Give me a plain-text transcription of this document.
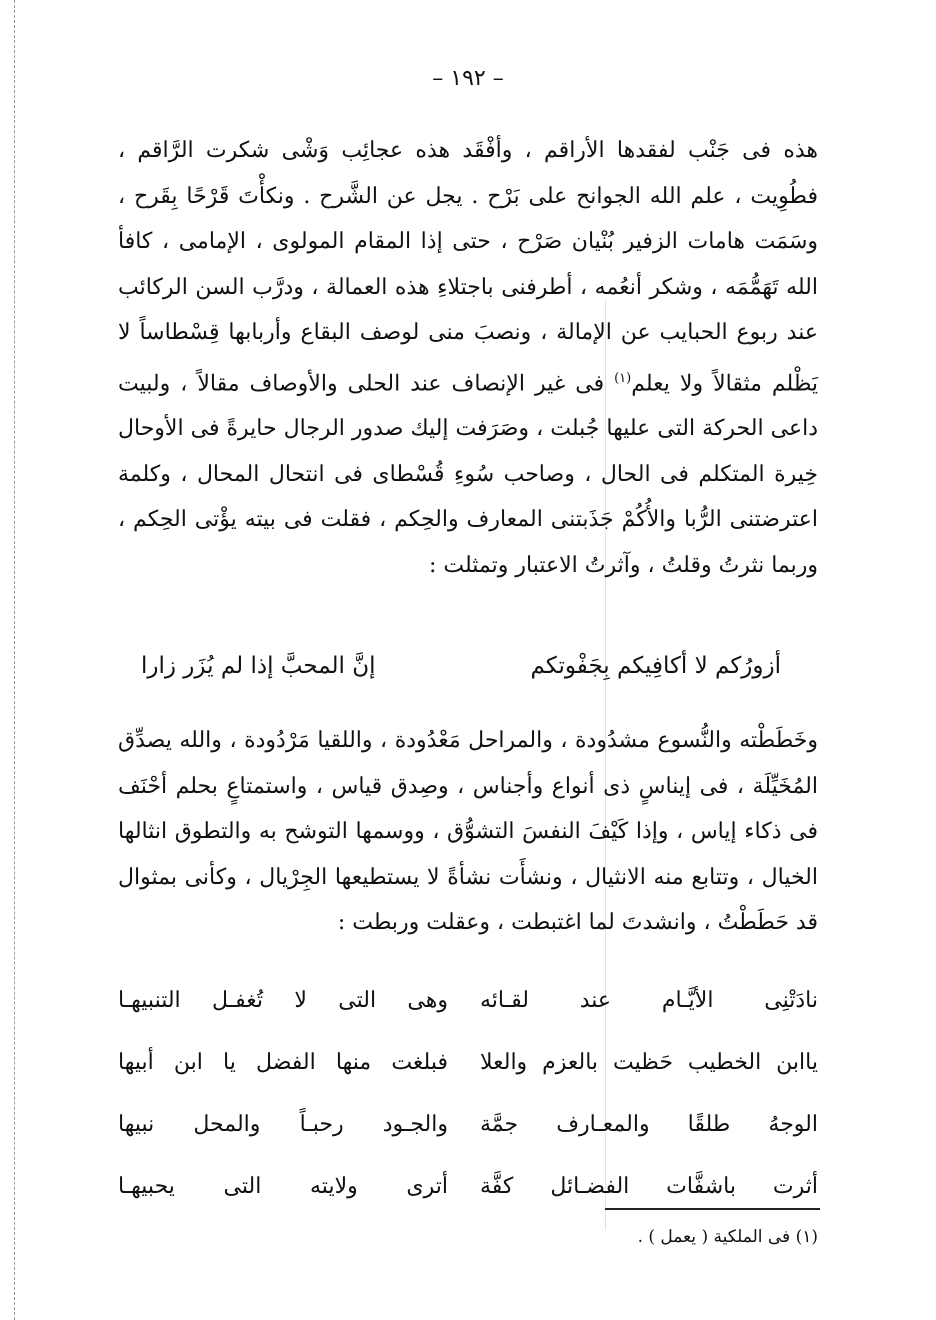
– ١٩٢ –
هذه فى جَنْب لفقدها الأراقم ، وأفْقَد هذه عجائِب وَشْى شكرت الرَّاقم ، فطُوِيت ، علم الله الجوانح على بَرْح . يجل عن الشَّرح . ونكأْتَ قَرْحًا بِقَرح ، وسَمَت هامات الزفير بُنْيان صَرْح ، حتى إذا المقام المولوى ، الإمامى ، كافأ الله تَهَمُّمَه ، وشكر أنعُمه ، أطرفنى باجتلاءِ هذه العمالة ، ودرَّب السن الركائب عند ربوع الحبايب عن الإمالة ، ونصبَ منى لوصف البقاع وأربابها قِسْطاساً لا يَظْلم مثقالاً ولا يعلم$^{(١)}$ فى غير الإنصاف عند الحلى والأوصاف مقالاً ، ولبيت داعى الحركة التى عليها جُبلت ، وصَرَفت إليك صدور الرجال حايرةً فى الأوحال خِيرة المتكلم فى الحال ، وصاحب سُوءِ قُسْطاى فى انتحال المحال ، وكلمة اعترضتنى الرُّبا والأُكُمْ جَذَبتنى المعارف والحِكم ، فقلت فى بيته يؤْتى الحِكم ، وربما نثرتُ وقلتُ ، وآثرتُ الاعتبار وتمثلت :
أزورُكم لا أكافِيكم بِجَفْوتكم
إنَّ المحبَّ إذا لم يُزَر زارا
وخَطَطْته والنُّسوع مشدُودة ، والمراحل مَعْدُودة ، واللقيا مَرْدُودة ، والله يصدِّق المُخَيِّلَة ، فى إيناسٍ ذى أنواع وأجناس ، وصِدق قياس ، واستمتاعٍ بحلم أحْنَف فى ذكاء إياس ، وإذا كَيْفَ النفسَ التشوُّق ، ووسمها التوشح به والتطوق انثالها الخيال ، وتتابع منه الانثيال ، ونشأَت نشأةً لا يستطيعها الجِرْيال ، وكأنى بمثوال قد حَطَطْتُ ، وانشدتَ لما اغتبطت ، وعقلت وربطت :
نادَتْنِى الأيَّـام عند لقـائه
وهى التى لا تُغفـل التنبيهـا
ياابن الخطيب حَظيت بالعزم والعلا
فبلغت منها الفضل يا ابن أبيها
الوجهُ طلقًا والمعـارف جمَّة
والجـود رحبـاً والمحل نبيها
أثرت باشفَّات الفضـائل كفَّة
أترى ولايته التى يحبيهـا
(١) فى الملكية ( يعمل ) .
